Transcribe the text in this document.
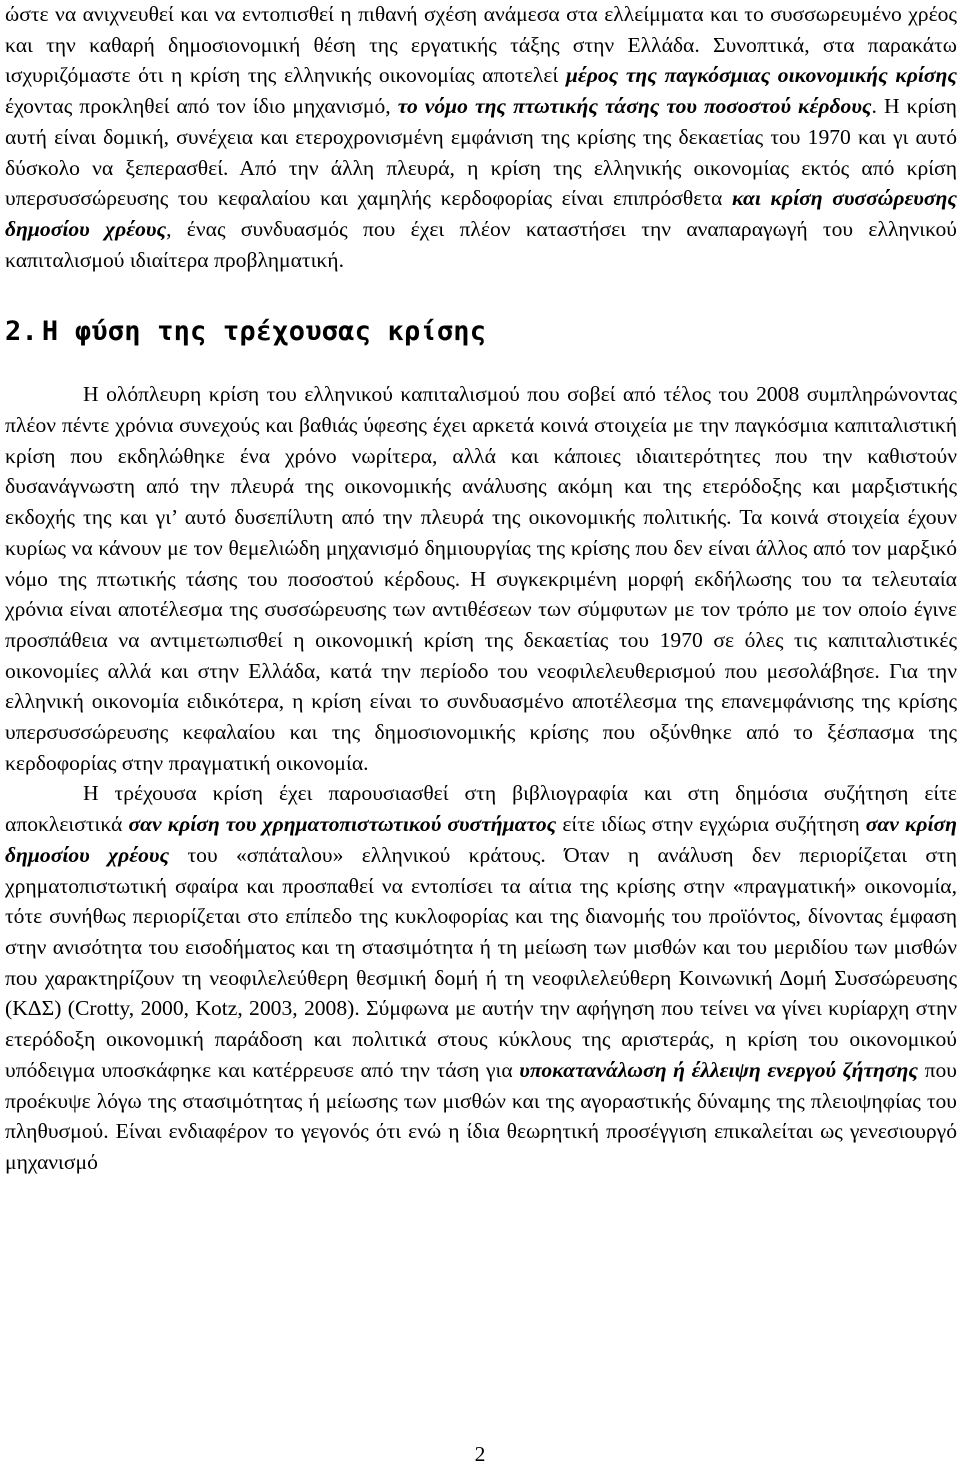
ώστε να ανιχνευθεί και να εντοπισθεί η πιθανή σχέση ανάμεσα στα ελλείμματα και το συσσωρευμένο χρέος και την καθαρή δημοσιονομική θέση της εργατικής τάξης στην Ελλάδα. Συνοπτικά, στα παρακάτω ισχυριζόμαστε ότι η κρίση της ελληνικής οικονομίας αποτελεί μέρος της παγκόσμιας οικονομικής κρίσης έχοντας προκληθεί από τον ίδιο μηχανισμό, το νόμο της πτωτικής τάσης του ποσοστού κέρδους. Η κρίση αυτή είναι δομική, συνέχεια και ετεροχρονισμένη εμφάνιση της κρίσης της δεκαετίας του 1970 και γι αυτό δύσκολο να ξεπερασθεί. Από την άλλη πλευρά, η κρίση της ελληνικής οικονομίας εκτός από κρίση υπερσυσσώρευσης του κεφαλαίου και χαμηλής κερδοφορίας είναι επιπρόσθετα και κρίση συσσώρευσης δημοσίου χρέους, ένας συνδυασμός που έχει πλέον καταστήσει την αναπαραγωγή του ελληνικού καπιταλισμού ιδιαίτερα προβληματική.

2. Η φύση της τρέχουσας κρίσης

Η ολόπλευρη κρίση του ελληνικού καπιταλισμού που σοβεί από τέλος του 2008 συμπληρώνοντας πλέον πέντε χρόνια συνεχούς και βαθιάς ύφεσης έχει αρκετά κοινά στοιχεία με την παγκόσμια καπιταλιστική κρίση που εκδηλώθηκε ένα χρόνο νωρίτερα, αλλά και κάποιες ιδιαιτερότητες που την καθιστούν δυσανάγνωστη από την πλευρά της οικονομικής ανάλυσης ακόμη και της ετερόδοξης και μαρξιστικής εκδοχής της και γι’ αυτό δυσεπίλυτη από την πλευρά της οικονομικής πολιτικής. Τα κοινά στοιχεία έχουν κυρίως να κάνουν με τον θεμελιώδη μηχανισμό δημιουργίας της κρίσης που δεν είναι άλλος από τον μαρξικό νόμο της πτωτικής τάσης του ποσοστού κέρδους. Η συγκεκριμένη μορφή εκδήλωσης του τα τελευταία χρόνια είναι αποτέλεσμα της συσσώρευσης των αντιθέσεων των σύμφυτων με τον τρόπο με τον οποίο έγινε προσπάθεια να αντιμετωπισθεί η οικονομική κρίση της δεκαετίας του 1970 σε όλες τις καπιταλιστικές οικονομίες αλλά και στην Ελλάδα, κατά την περίοδο του νεοφιλελευθερισμού που μεσολάβησε. Για την ελληνική οικονομία ειδικότερα, η κρίση είναι το συνδυασμένο αποτέλεσμα της επανεμφάνισης της κρίσης υπερσυσσώρευσης κεφαλαίου και της δημοσιονομικής κρίσης που οξύνθηκε από το ξέσπασμα της κερδοφορίας στην πραγματική οικονομία.

Η τρέχουσα κρίση έχει παρουσιασθεί στη βιβλιογραφία και στη δημόσια συζήτηση είτε αποκλειστικά σαν κρίση του χρηματοπιστωτικού συστήματος είτε ιδίως στην εγχώρια συζήτηση σαν κρίση δημοσίου χρέους του «σπάταλου» ελληνικού κράτους. Όταν η ανάλυση δεν περιορίζεται στη χρηματοπιστωτική σφαίρα και προσπαθεί να εντοπίσει τα αίτια της κρίσης στην «πραγματική» οικονομία, τότε συνήθως περιορίζεται στο επίπεδο της κυκλοφορίας και της διανομής του προϊόντος, δίνοντας έμφαση στην ανισότητα του εισοδήματος και τη στασιμότητα ή τη μείωση των μισθών και του μεριδίου των μισθών που χαρακτηρίζουν τη νεοφιλελεύθερη θεσμική δομή ή τη νεοφιλελεύθερη Κοινωνική Δομή Συσσώρευσης (ΚΔΣ) (Crotty, 2000, Kotz, 2003, 2008). Σύμφωνα με αυτήν την αφήγηση που τείνει να γίνει κυρίαρχη στην ετερόδοξη οικονομική παράδοση και πολιτικά στους κύκλους της αριστεράς, η κρίση του οικονομικού υπόδειγμα υποσκάφηκε και κατέρρευσε από την τάση για υποκατανάλωση ή έλλειψη ενεργού ζήτησης που προέκυψε λόγω της στασιμότητας ή μείωσης των μισθών και της αγοραστικής δύναμης της πλειοψηφίας του πληθυσμού. Είναι ενδιαφέρον το γεγονός ότι ενώ η ίδια θεωρητική προσέγγιση επικαλείται ως γενεσιουργό μηχανισμό

2
